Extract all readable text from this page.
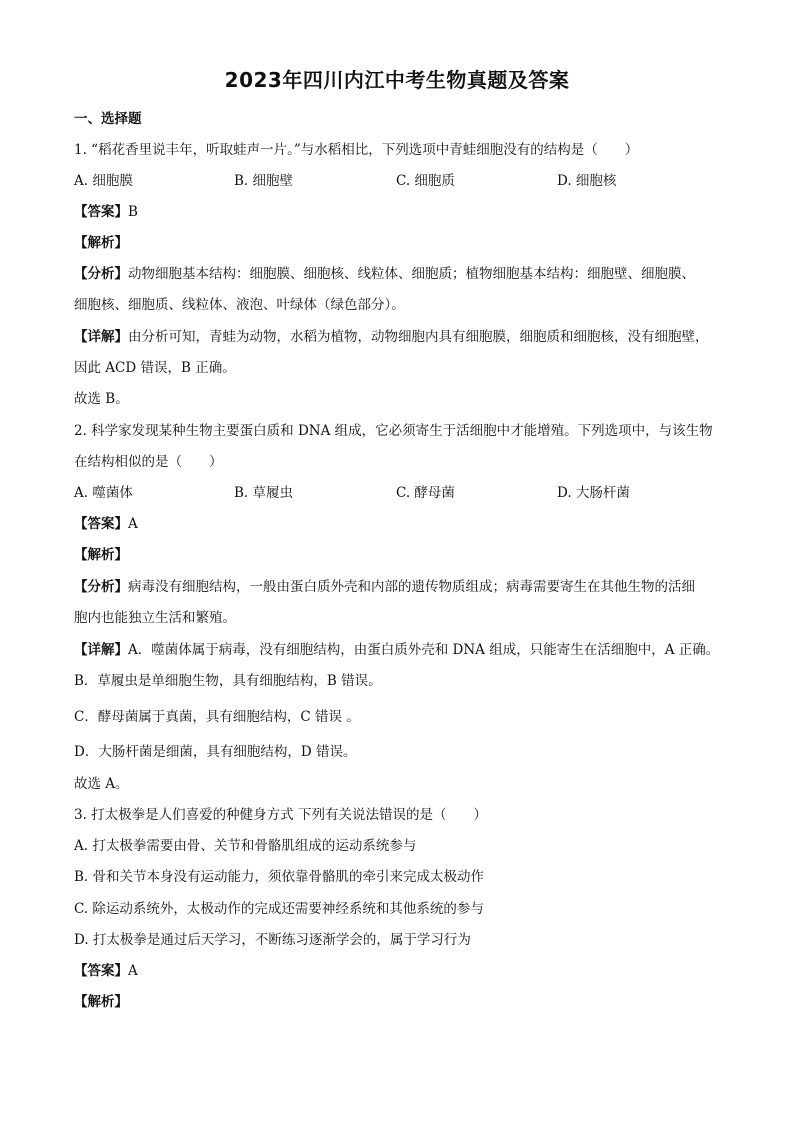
2023年四川内江中考生物真题及答案
一、选择题
1. “稻花香里说丰年，听取蛙声一片。”与水稻相比，下列选项中青蛙细胞没有的结构是（　　）
A. 细胞膜	B. 细胞壁	C. 细胞质	D. 细胞核
【答案】B
【解析】
【分析】动物细胞基本结构：细胞膜、细胞核、线粒体、细胞质；植物细胞基本结构：细胞壁、细胞膜、
细胞核、细胞质、线粒体、液泡、叶绿体（绿色部分）。
【详解】由分析可知，青蛙为动物，水稻为植物，动物细胞内具有细胞膜，细胞质和细胞核，没有细胞壁，
因此 ACD 错误，B 正确。
故选 B。
2. 科学家发现某种生物主要蛋白质和 DNA 组成，它必须寄生于活细胞中才能增殖。下列选项中，与该生物
在结构相似的是（　　）
A. 噬菌体	B. 草履虫	C. 酵母菌	D. 大肠杆菌
【答案】A
【解析】
【分析】病毒没有细胞结构，一般由蛋白质外壳和内部的遗传物质组成；病毒需要寄生在其他生物的活细
胞内也能独立生活和繁殖。
【详解】A．噬菌体属于病毒，没有细胞结构，由蛋白质外壳和 DNA 组成，只能寄生在活细胞中，A 正确。
B．草履虫是单细胞生物，具有细胞结构，B 错误。
C．酵母菌属于真菌，具有细胞结构，C 错误 。
D．大肠杆菌是细菌，具有细胞结构，D 错误。
故选 A。
3. 打太极拳是人们喜爱的种健身方式 下列有关说法错误的是（　　）
A. 打太极拳需要由骨、关节和骨骼肌组成的运动系统参与
B. 骨和关节本身没有运动能力，须依靠骨骼肌的牵引来完成太极动作
C. 除运动系统外，太极动作的完成还需要神经系统和其他系统的参与
D. 打太极拳是通过后天学习，不断练习逐渐学会的，属于学习行为
【答案】A
【解析】
